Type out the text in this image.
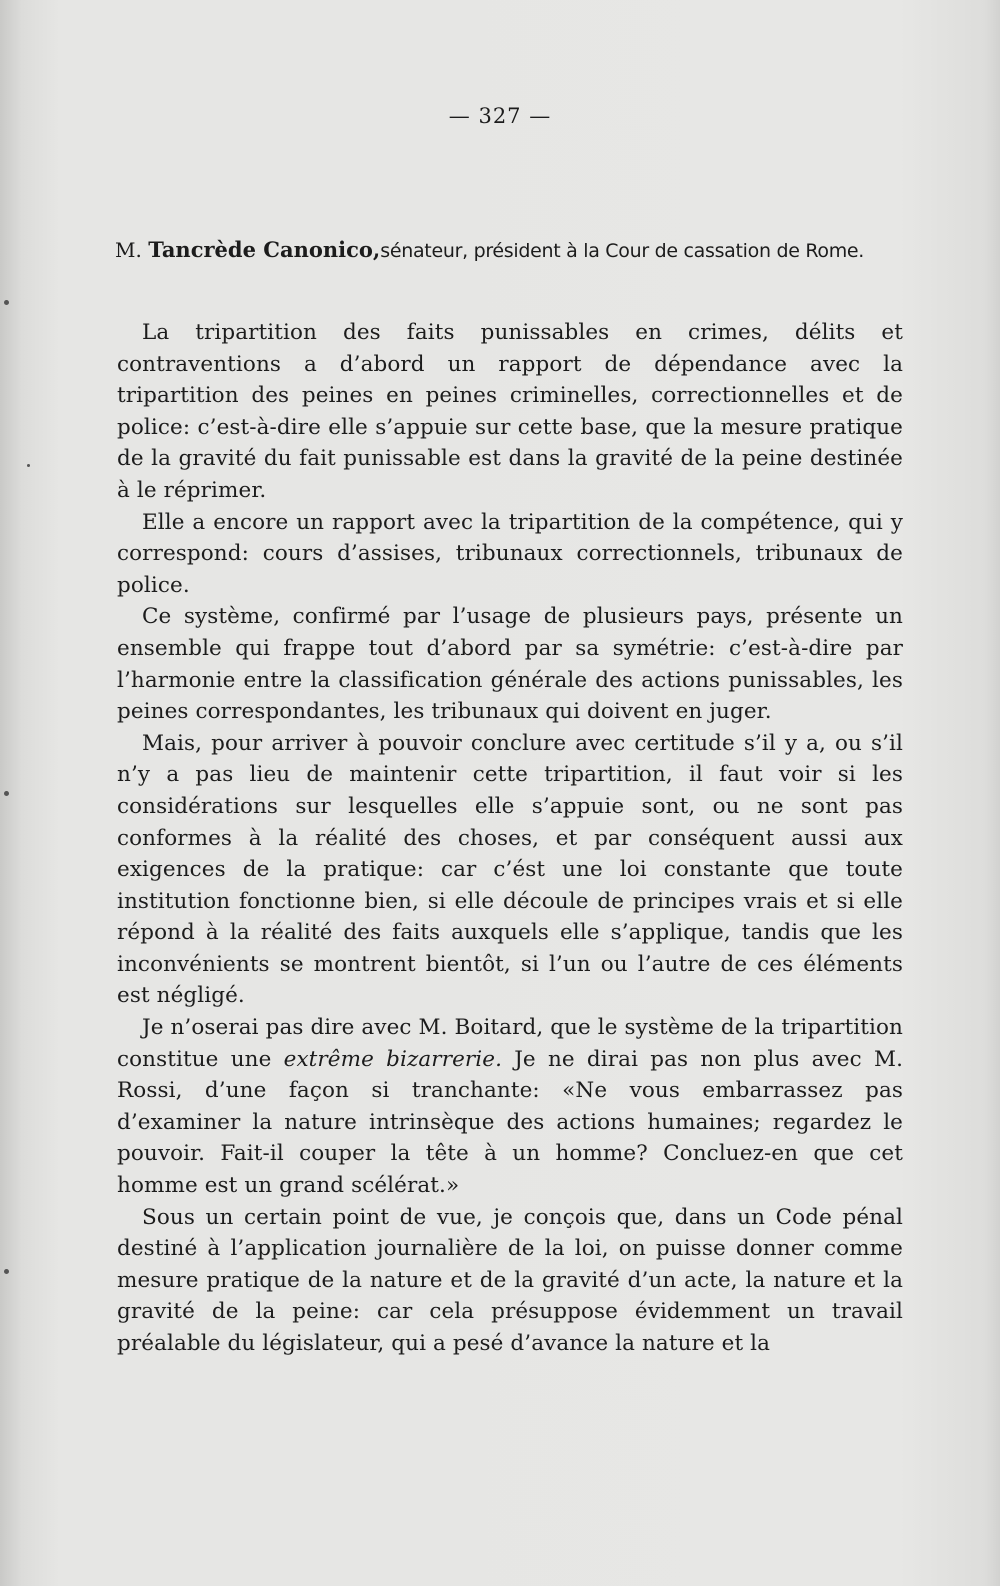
— 327 —
M. Tancrède Canonico,sénateur, président à la Cour de cassation de Rome.

La tripartition des faits punissables en crimes, délits et contraventions a d’abord un rapport de dépendance avec la tripartition des peines en peines criminelles, correctionnelles et de police: c’est-à-dire elle s’appuie sur cette base, que la mesure pratique de la gravité du fait punissable est dans la gravité de la peine destinée à le réprimer.

Elle a encore un rapport avec la tripartition de la compétence, qui y correspond: cours d’assises, tribunaux correctionnels, tribunaux de police.

Ce système, confirmé par l’usage de plusieurs pays, présente un ensemble qui frappe tout d’abord par sa symétrie: c’est-à-dire par l’harmonie entre la classification générale des actions punissables, les peines correspondantes, les tribunaux qui doivent en juger.

Mais, pour arriver à pouvoir conclure avec certitude s’il y a, ou s’il n’y a pas lieu de maintenir cette tripartition, il faut voir si les considérations sur lesquelles elle s’appuie sont, ou ne sont pas conformes à la réalité des choses, et par conséquent aussi aux exigences de la pratique: car c’ést une loi constante que toute institution fonctionne bien, si elle découle de principes vrais et si elle répond à la réalité des faits auxquels elle s’applique, tandis que les inconvénients se montrent bientôt, si l’un ou l’autre de ces éléments est négligé.

Je n’oserai pas dire avec M. Boitard, que le système de la tripartition constitue une extrême bizarrerie. Je ne dirai pas non plus avec M. Rossi, d’une façon si tranchante: «Ne vous embarrassez pas d’examiner la nature intrinsèque des actions humaines; regardez le pouvoir. Fait-il couper la tête à un homme? Concluez-en que cet homme est un grand scélérat.»

Sous un certain point de vue, je conçois que, dans un Code pénal destiné à l’application journalière de la loi, on puisse donner comme mesure pratique de la nature et de la gravité d’un acte, la nature et la gravité de la peine: car cela présuppose évidemment un travail préalable du législateur, qui a pesé d’avance la nature et la
